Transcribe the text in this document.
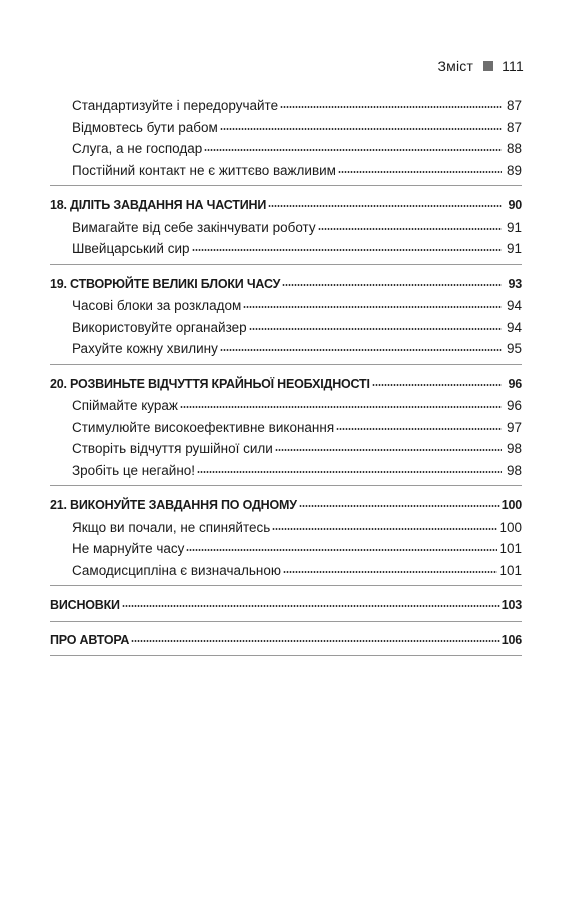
Зміст 111
Стандартизуйте і передоручайте	87
Відмовтесь бути рабом	87
Слуга, а не господар	88
Постійний контакт не є життєво важливим	89
18. ДІЛІТЬ ЗАВДАННЯ НА ЧАСТИНИ	90
Вимагайте від себе закінчувати роботу	91
Швейцарський сир	91
19. СТВОРЮЙТЕ ВЕЛИКІ БЛОКИ ЧАСУ	93
Часові блоки за розкладом	94
Використовуйте органайзер	94
Рахуйте кожну хвилину	95
20. РОЗВИНЬТЕ ВІДЧУТТЯ КРАЙНЬОЇ НЕОБХІДНОСТІ	96
Спіймайте кураж	96
Стимулюйте високоефективне виконання	97
Створіть відчуття рушійної сили	98
Зробіть це негайно!	98
21. ВИКОНУЙТЕ ЗАВДАННЯ ПО ОДНОМУ	100
Якщо ви почали, не спиняйтесь	100
Не марнуйте часу	101
Самодисципліна є визначальною	101
ВИСНОВКИ	103
ПРО АВТОРА	106
